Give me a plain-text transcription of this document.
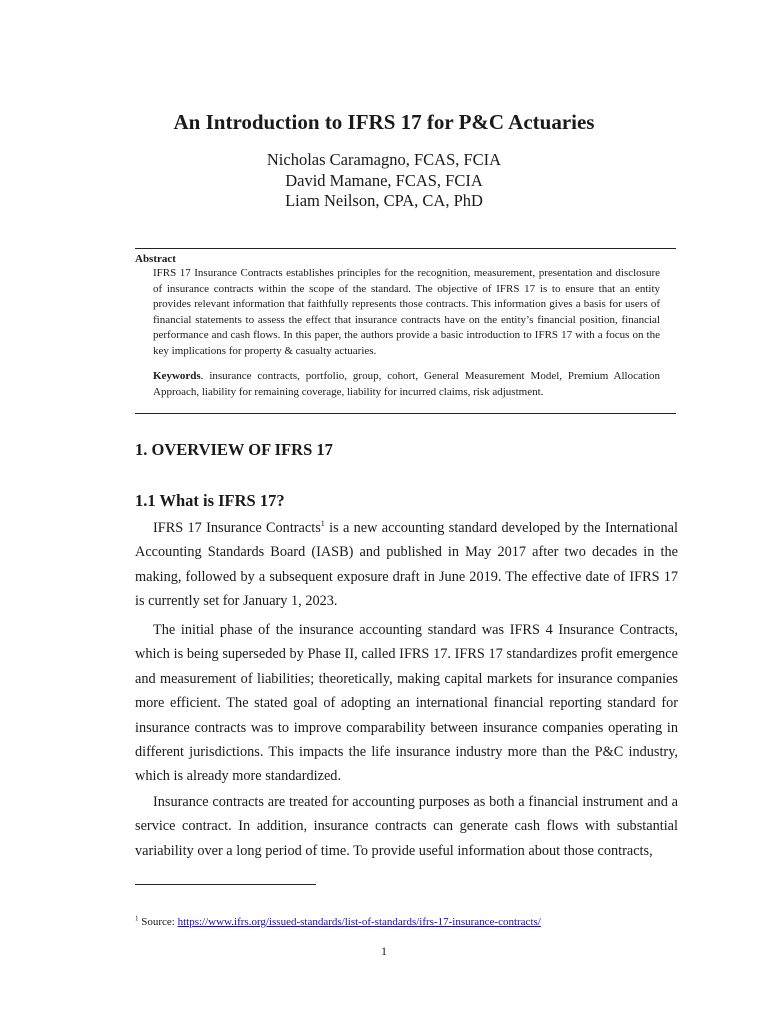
An Introduction to IFRS 17 for P&C Actuaries
Nicholas Caramagno, FCAS, FCIA
David Mamane, FCAS, FCIA
Liam Neilson, CPA, CA, PhD
Abstract

IFRS 17 Insurance Contracts establishes principles for the recognition, measurement, presentation and disclosure of insurance contracts within the scope of the standard. The objective of IFRS 17 is to ensure that an entity provides relevant information that faithfully represents those contracts. This information gives a basis for users of financial statements to assess the effect that insurance contracts have on the entity’s financial position, financial performance and cash flows. In this paper, the authors provide a basic introduction to IFRS 17 with a focus on the key implications for property & casualty actuaries.

Keywords. insurance contracts, portfolio, group, cohort, General Measurement Model, Premium Allocation Approach, liability for remaining coverage, liability for incurred claims, risk adjustment.

1. OVERVIEW OF IFRS 17
1.1 What is IFRS 17?

IFRS 17 Insurance Contracts$^1$ is a new accounting standard developed by the International Accounting Standards Board (IASB) and published in May 2017 after two decades in the making, followed by a subsequent exposure draft in June 2019. The effective date of IFRS 17 is currently set for January 1, 2023.

The initial phase of the insurance accounting standard was IFRS 4 Insurance Contracts, which is being superseded by Phase II, called IFRS 17. IFRS 17 standardizes profit emergence and measurement of liabilities; theoretically, making capital markets for insurance companies more efficient. The stated goal of adopting an international financial reporting standard for insurance contracts was to improve comparability between insurance companies operating in different jurisdictions. This impacts the life insurance industry more than the P&C industry, which is already more standardized.

Insurance contracts are treated for accounting purposes as both a financial instrument and a service contract. In addition, insurance contracts can generate cash flows with substantial variability over a long period of time. To provide useful information about those contracts,

$^1$ Source: https://www.ifrs.org/issued-standards/list-of-standards/ifrs-17-insurance-contracts/
1
